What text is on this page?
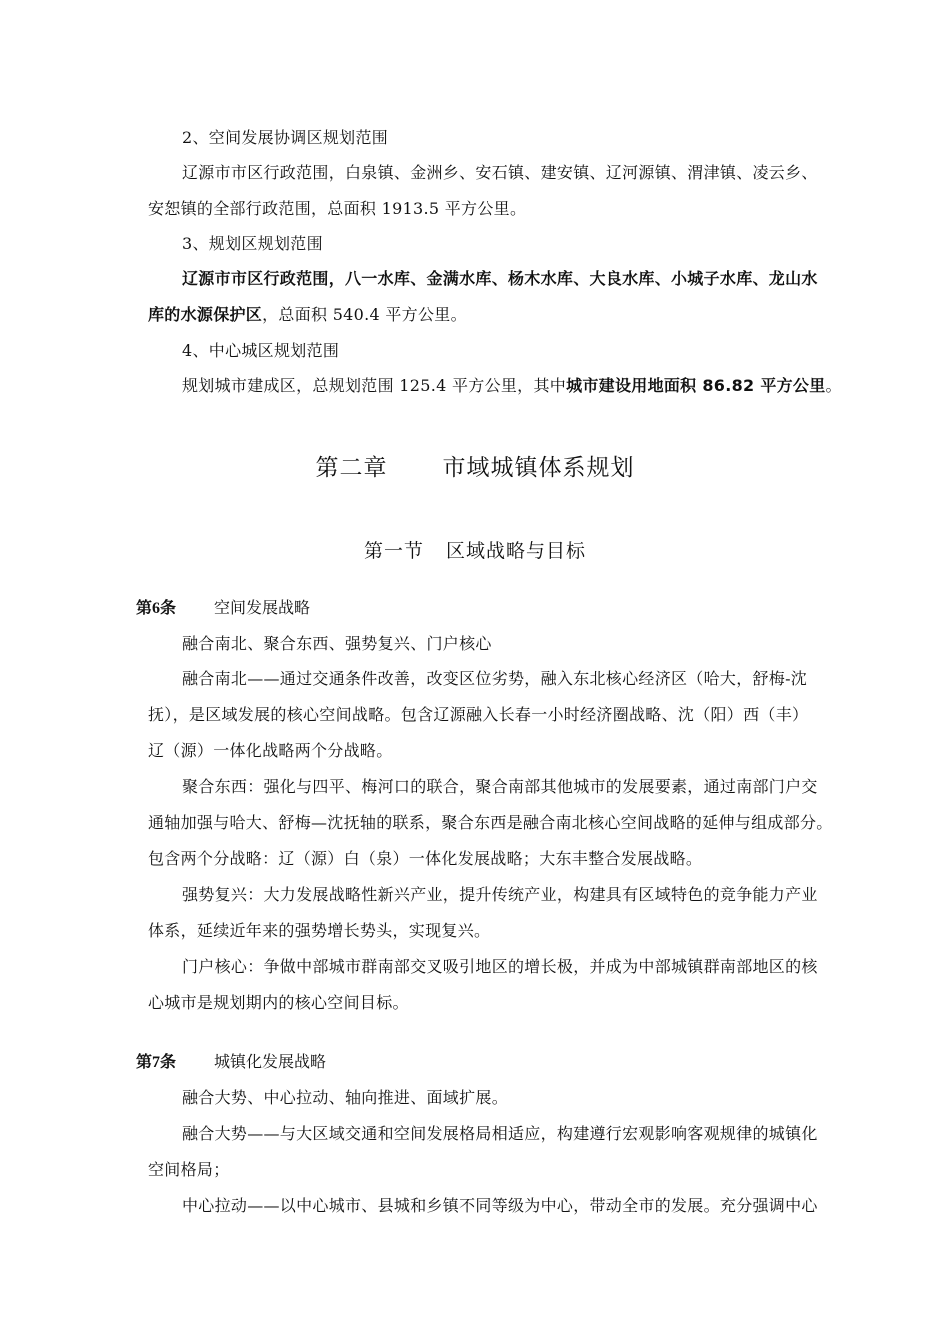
2、空间发展协调区规划范围
辽源市市区行政范围，白泉镇、金洲乡、安石镇、建安镇、辽河源镇、渭津镇、凌云乡、
安恕镇的全部行政范围，总面积 1913.5 平方公里。
3、规划区规划范围
辽源市市区行政范围，八一水库、金满水库、杨木水库、大良水库、小城子水库、龙山水
库的水源保护区，总面积 540.4 平方公里。
4、中心城区规划范围
规划城市建成区，总规划范围 125.4 平方公里，其中城市建设用地面积 86.82 平方公里。
第二章 市域城镇体系规划
第一节 区域战略与目标
第6条 空间发展战略
融合南北、聚合东西、强势复兴、门户核心
融合南北——通过交通条件改善，改变区位劣势，融入东北核心经济区（哈大，舒梅-沈
抚），是区域发展的核心空间战略。包含辽源融入长春一小时经济圈战略、沈（阳）西（丰）
辽（源）一体化战略两个分战略。
聚合东西：强化与四平、梅河口的联合，聚合南部其他城市的发展要素，通过南部门户交
通轴加强与哈大、舒梅—沈抚轴的联系，聚合东西是融合南北核心空间战略的延伸与组成部分。
包含两个分战略：辽（源）白（泉）一体化发展战略；大东丰整合发展战略。
强势复兴：大力发展战略性新兴产业，提升传统产业，构建具有区域特色的竞争能力产业
体系，延续近年来的强势增长势头，实现复兴。
门户核心：争做中部城市群南部交叉吸引地区的增长极，并成为中部城镇群南部地区的核
心城市是规划期内的核心空间目标。
第7条 城镇化发展战略
融合大势、中心拉动、轴向推进、面域扩展。
融合大势——与大区域交通和空间发展格局相适应，构建遵行宏观影响客观规律的城镇化
空间格局；
中心拉动——以中心城市、县城和乡镇不同等级为中心，带动全市的发展。充分强调中心
